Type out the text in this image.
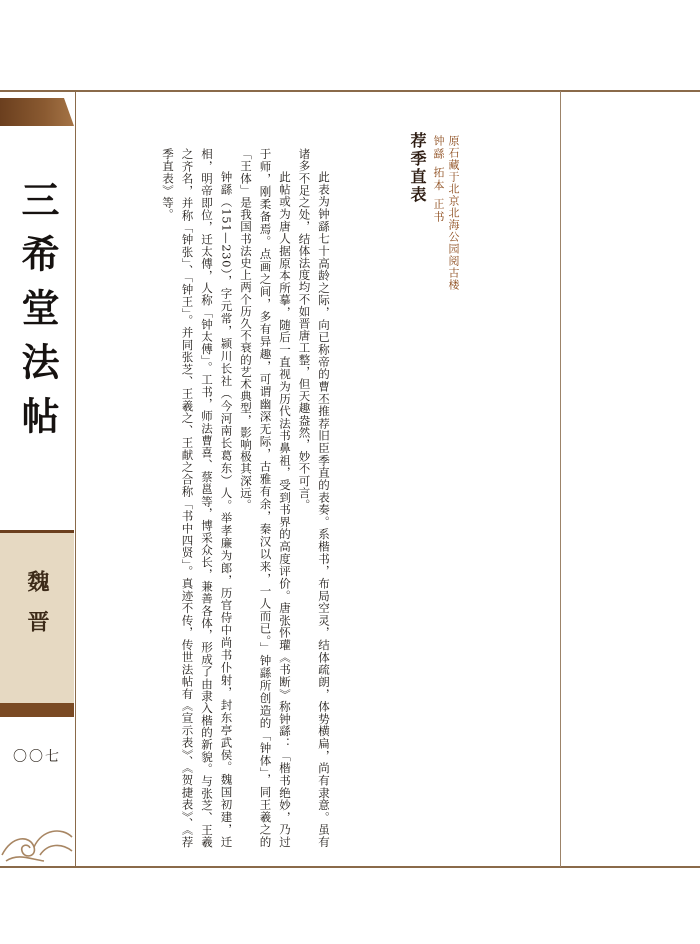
三希堂法帖
魏晋
〇〇七
荐季直表 钟繇 拓本 正书 原石藏于北京北海公园阅古楼

此表为钟繇七十高龄之际，向已称帝的曹丕推荐旧臣季直的表奏。系楷书，布局空灵，结体疏朗，体势横扁，尚有隶意。虽有诸多不足之处，结体法度均不如晋唐工整，但天趣盎然，妙不可言。

此帖或为唐人据原本所摹，随后一直视为历代法书鼻祖，受到书界的高度评价。唐张怀瓘《书断》称钟繇：「楷书绝妙，乃过于师，刚柔备焉。点画之间，多有异趣，可谓幽深无际，古雅有余，秦汉以来，一人而已。」钟繇所创造的「钟体」，同王羲之的「王体」是我国书法史上两个历久不衰的艺术典型，影响极其深远。

钟繇（151—230），字元常，颍川长社（今河南长葛东）人。举孝廉为郎，历官侍中尚书仆射，封东亭武侯。魏国初建，迁相，明帝即位，迁太傅，人称「钟太傅」。工书，师法曹喜、蔡邕等，博采众长，兼善各体，形成了由隶入楷的新貌。与张芝、王羲之齐名，并称「钟张」、「钟王」。并同张芝、王羲之、王献之合称「书中四贤」。真迹不传，传世法帖有《宣示表》、《贺捷表》、《荐季直表》等。
